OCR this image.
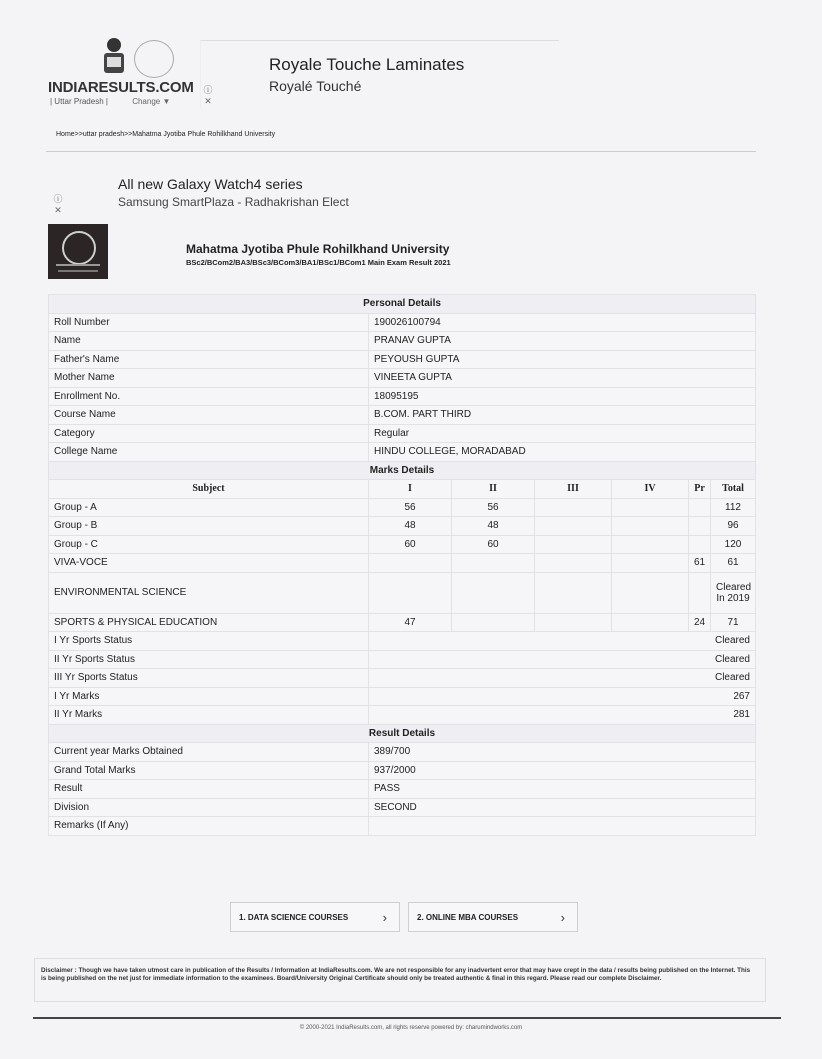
INDIARESULTS.COM
| Uttar Pradesh |	Change ▼
ⓘ
✕
Royale Touche Laminates
Royalé Touché
Home>>uttar pradesh>>Mahatma Jyotiba Phule Rohilkhand University
ⓘ
✕
All new Galaxy Watch4 series
Samsung SmartPlaza - Radhakrishan Elect
Mahatma Jyotiba Phule Rohilkhand University
BSc2/BCom2/BA3/BSc3/BCom3/BA1/BSc1/BCom1 Main Exam Result 2021
Personal Details						
Roll Number	190026100794					
Name	PRANAV GUPTA					
Father's Name	PEYOUSH GUPTA					
Mother Name	VINEETA GUPTA					
Enrollment No.	18095195					
Course Name	B.COM. PART THIRD					
Category	Regular					
College Name	HINDU COLLEGE, MORADABAD					
Marks Details						
Subject	I	II	III	IV	Pr	Total
Group - A	56	56				112
Group - B	48	48				96
Group - C	60	60				120
VIVA-VOCE					61	61
ENVIRONMENTAL SCIENCE						Cleared In 2019
SPORTS & PHYSICAL EDUCATION	47				24	71
I Yr Sports Status	Cleared					
II Yr Sports Status	Cleared					
III Yr Sports Status	Cleared					
I Yr Marks	267					
II Yr Marks	281					
Result Details						
Current year Marks Obtained	389/700					
Grand Total Marks	937/2000					
Result	PASS					
Division	SECOND					
Remarks (If Any)						
1. DATA SCIENCE COURSES	›	2. ONLINE MBA COURSES	›
Disclaimer : Though we have taken utmost care in publication of the Results / Information at IndiaResults.com. We are not responsible for any inadvertent error that may have crept in the data / results being published on the Internet. This is being published on the net just for immediate information to the examinees. Board/University Original Certificate should only be treated authentic & final in this regard. Please read our complete Disclaimer.
© 2000-2021 IndiaResults.com, all rights reserve powered by: charumindworks.com
